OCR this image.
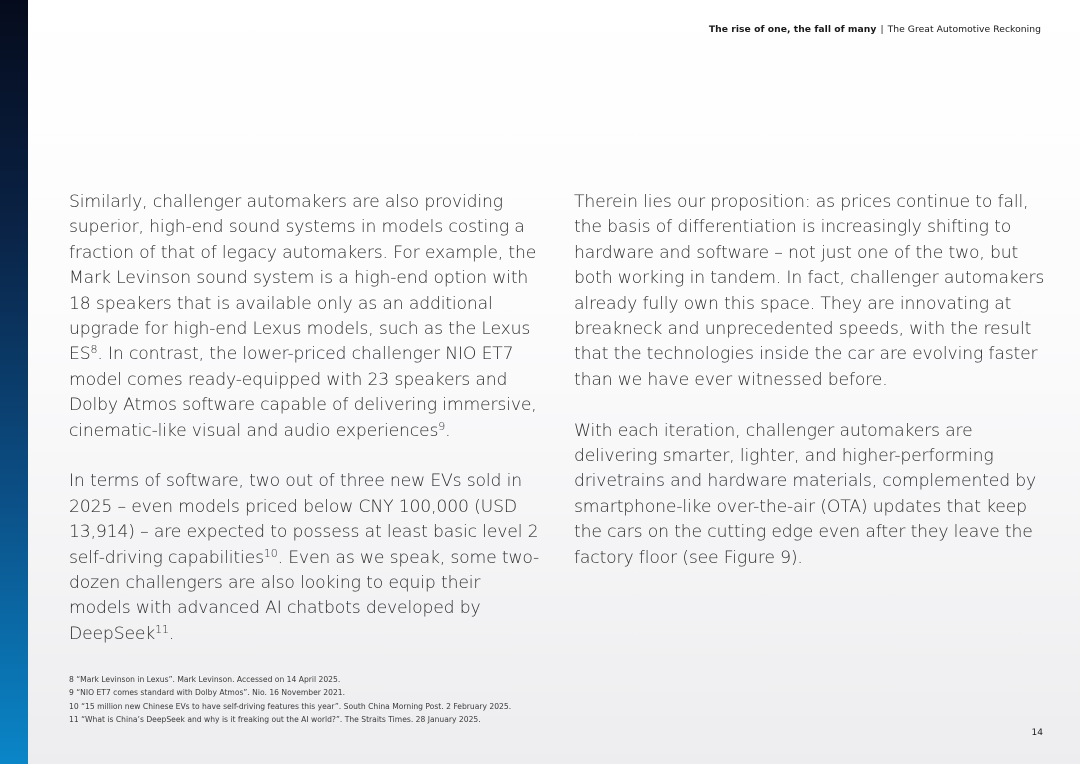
The rise of one, the fall of many | The Great Automotive Reckoning

Similarly, challenger automakers are also providing
superior, high-end sound systems in models costing a
fraction of that of legacy automakers. For example, the
Mark Levinson sound system is a high-end option with
18 speakers that is available only as an additional
upgrade for high-end Lexus models, such as the Lexus
$ES^8$. In contrast, the lower-priced challenger NIO ET7
model comes ready-equipped with 23 speakers and
Dolby Atmos software capable of delivering immersive,
cinematic-like visual and audio experiences$^9$.

In terms of software, two out of three new EVs sold in
2025 – even models priced below CNY 100,000 (USD
13,914) – are expected to possess at least basic level 2
self-driving capabilities$^{10}$. Even as we speak, some two-
dozen challengers are also looking to equip their
models with advanced AI chatbots developed by
DeepSeek$^{11}$.

Therein lies our proposition: as prices continue to fall,
the basis of differentiation is increasingly shifting to
hardware and software – not just one of the two, but
both working in tandem. In fact, challenger automakers
already fully own this space. They are innovating at
breakneck and unprecedented speeds, with the result
that the technologies inside the car are evolving faster
than we have ever witnessed before.

With each iteration, challenger automakers are
delivering smarter, lighter, and higher-performing
drivetrains and hardware materials, complemented by
smartphone-like over-the-air (OTA) updates that keep
the cars on the cutting edge even after they leave the
factory floor (see Figure 9).

8 “Mark Levinson in Lexus”. Mark Levinson. Accessed on 14 April 2025.
9 “NIO ET7 comes standard with Dolby Atmos”. Nio. 16 November 2021.
10 “15 million new Chinese EVs to have self-driving features this year”. South China Morning Post. 2 February 2025.
11 “What is China’s DeepSeek and why is it freaking out the AI world?”. The Straits Times. 28 January 2025.
14
